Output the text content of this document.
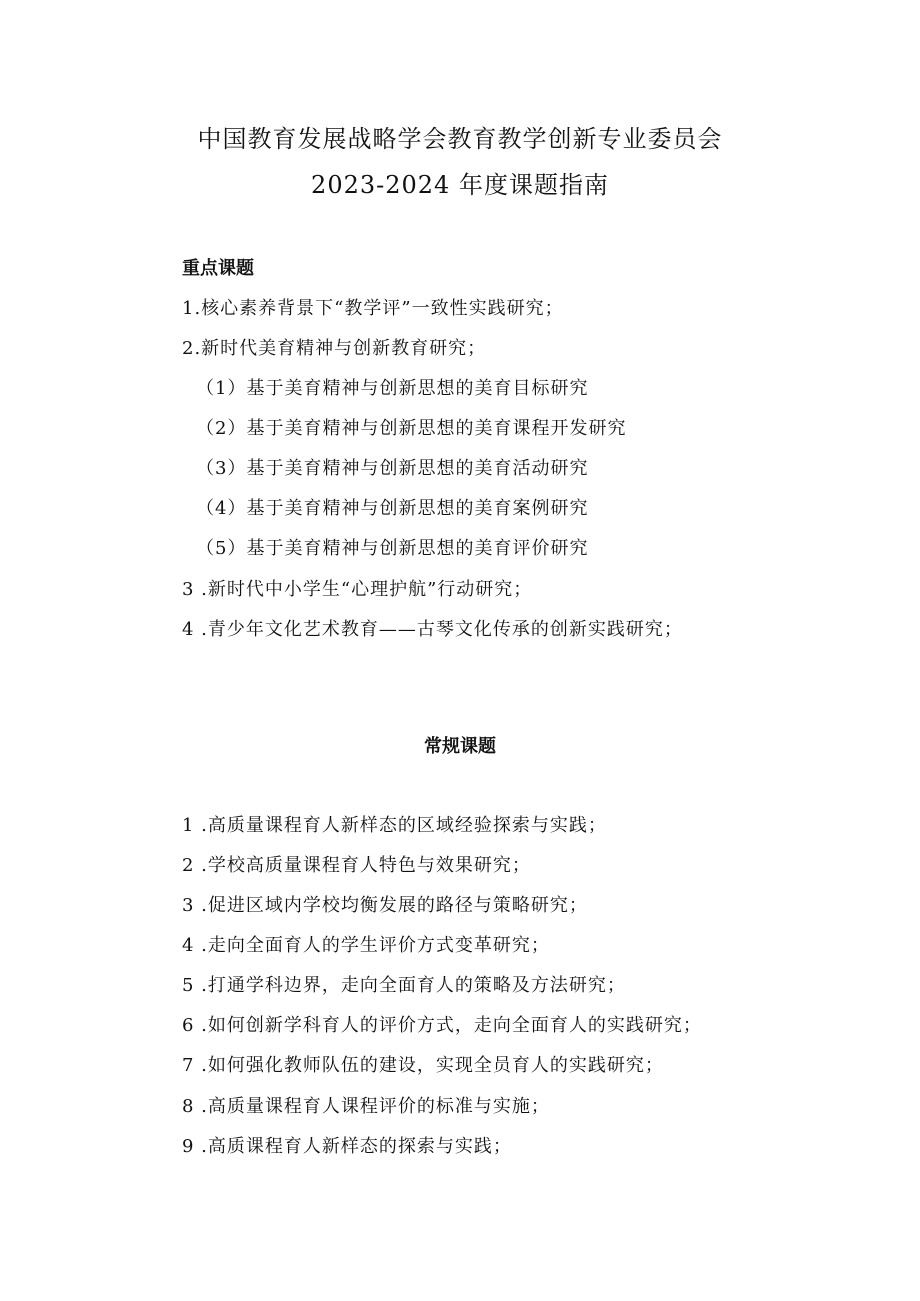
中国教育发展战略学会教育教学创新专业委员会
2023-2024 年度课题指南
重点课题
1.核心素养背景下“教学评”一致性实践研究；
2.新时代美育精神与创新教育研究；
（1）基于美育精神与创新思想的美育目标研究
（2）基于美育精神与创新思想的美育课程开发研究
（3）基于美育精神与创新思想的美育活动研究
（4）基于美育精神与创新思想的美育案例研究
（5）基于美育精神与创新思想的美育评价研究
3 .新时代中小学生“心理护航”行动研究；
4 .青少年文化艺术教育——古琴文化传承的创新实践研究；
常规课题
1 .高质量课程育人新样态的区域经验探索与实践；
2 .学校高质量课程育人特色与效果研究；
3 .促进区域内学校均衡发展的路径与策略研究；
4 .走向全面育人的学生评价方式变革研究；
5 .打通学科边界，走向全面育人的策略及方法研究；
6 .如何创新学科育人的评价方式，走向全面育人的实践研究；
7 .如何强化教师队伍的建设，实现全员育人的实践研究；
8 .高质量课程育人课程评价的标准与实施；
9 .高质课程育人新样态的探索与实践；
